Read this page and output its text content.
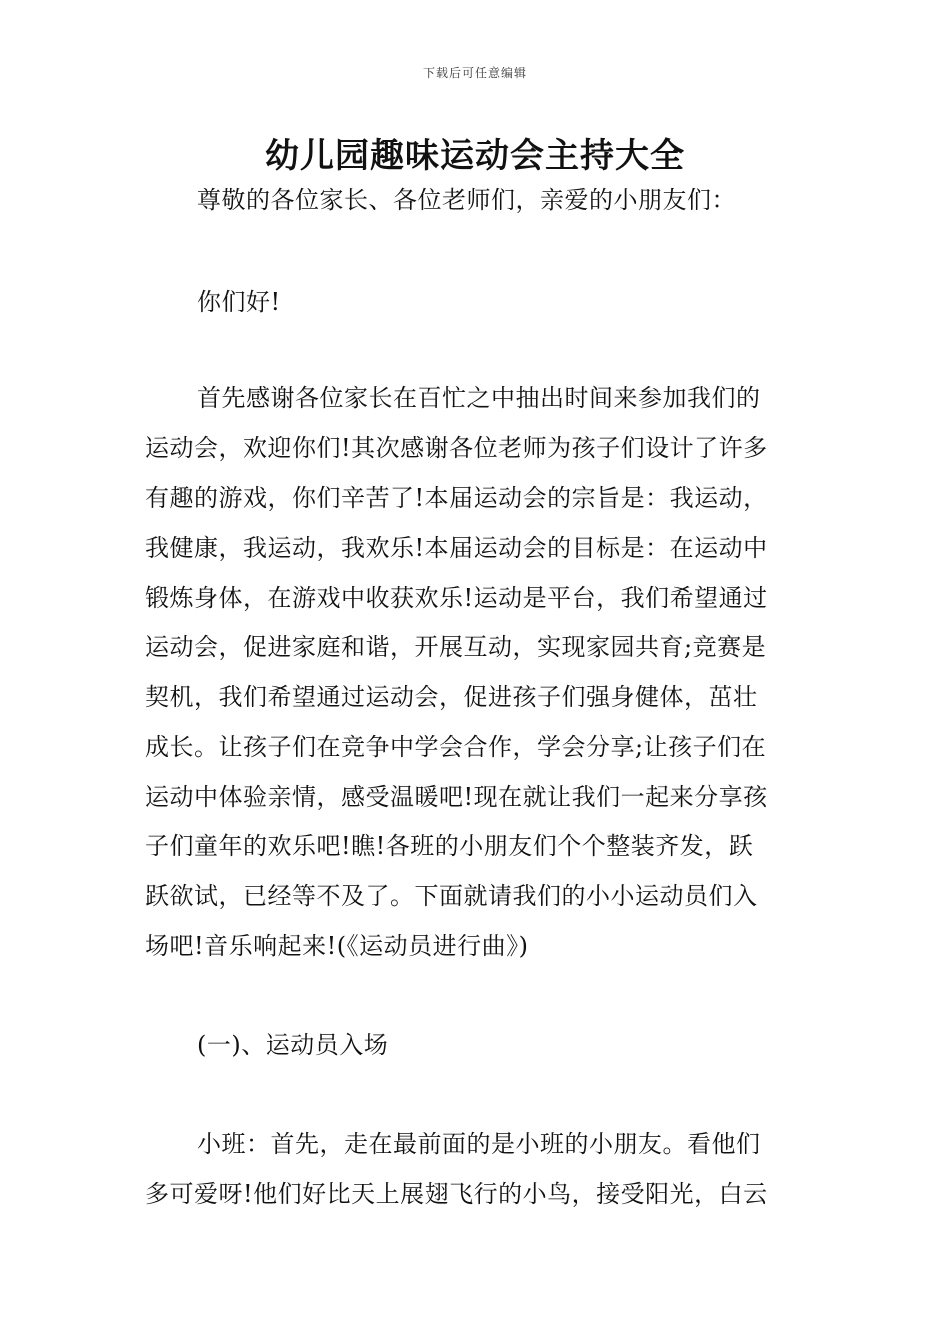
下载后可任意编辑
幼儿园趣味运动会主持大全
尊敬的各位家长、各位老师们，亲爱的小朋友们：
你们好!
首先感谢各位家长在百忙之中抽出时间来参加我们的
运动会，欢迎你们!其次感谢各位老师为孩子们设计了许多
有趣的游戏，你们辛苦了!本届运动会的宗旨是：我运动，
我健康，我运动，我欢乐!本届运动会的目标是：在运动中
锻炼身体，在游戏中收获欢乐!运动是平台，我们希望通过
运动会，促进家庭和谐，开展互动，实现家园共育;竞赛是
契机，我们希望通过运动会，促进孩子们强身健体，茁壮
成长。让孩子们在竞争中学会合作，学会分享;让孩子们在
运动中体验亲情，感受温暖吧!现在就让我们一起来分享孩
子们童年的欢乐吧!瞧!各班的小朋友们个个整装齐发，跃
跃欲试，已经等不及了。下面就请我们的小小运动员们入
场吧!音乐响起来!(《运动员进行曲》)
(一)、运动员入场
小班：首先，走在最前面的是小班的小朋友。看他们
多可爱呀!他们好比天上展翅飞行的小鸟，接受阳光，白云
